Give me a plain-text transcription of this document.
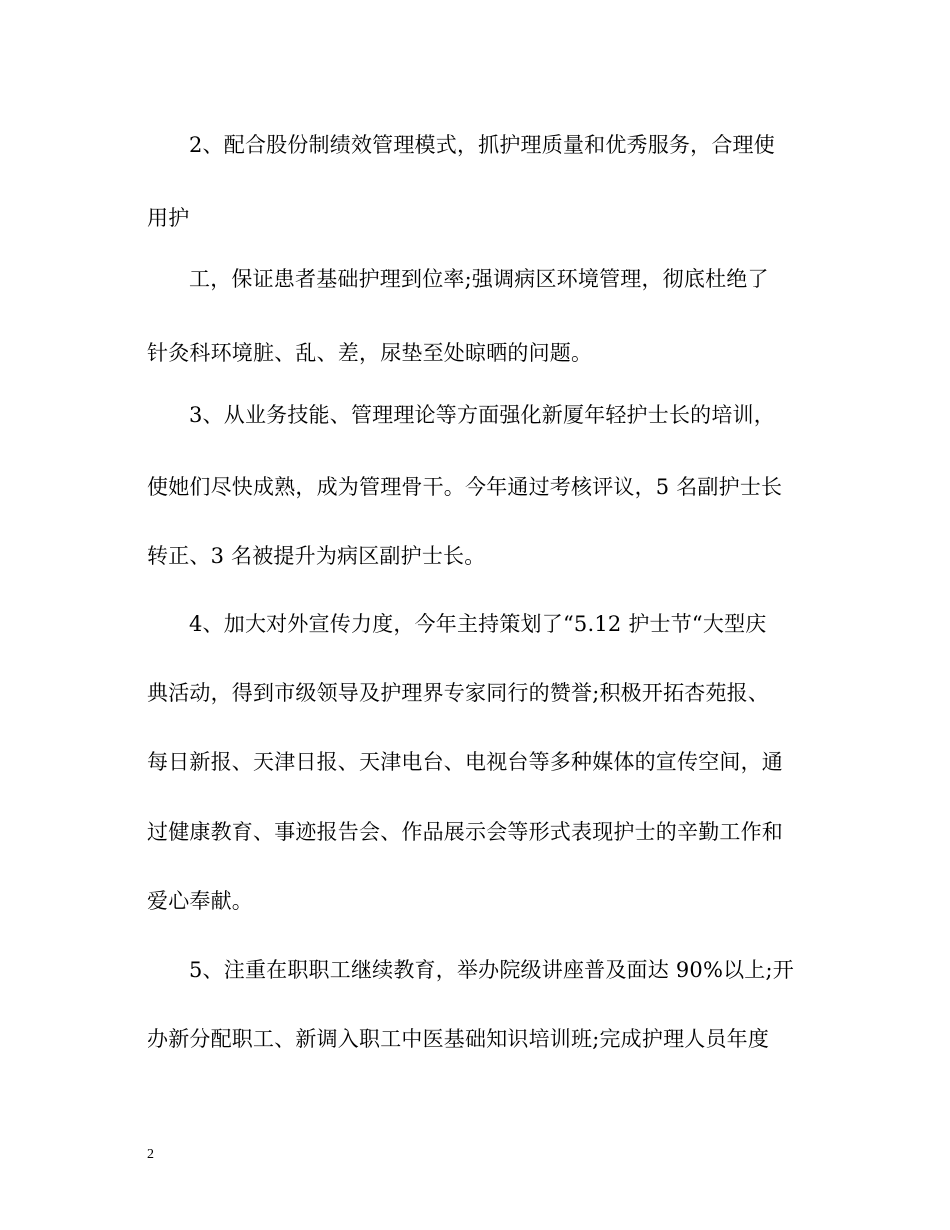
2、配合股份制绩效管理模式，抓护理质量和优秀服务，合理使
用护
工，保证患者基础护理到位率;强调病区环境管理，彻底杜绝了
针灸科环境脏、乱、差，尿垫至处晾晒的问题。
3、从业务技能、管理理论等方面强化新厦年轻护士长的培训，
使她们尽快成熟，成为管理骨干。今年通过考核评议，5 名副护士长
转正、3 名被提升为病区副护士长。
4、加大对外宣传力度，今年主持策划了“5.12 护士节“大型庆
典活动，得到市级领导及护理界专家同行的赞誉;积极开拓杏苑报、
每日新报、天津日报、天津电台、电视台等多种媒体的宣传空间，通
过健康教育、事迹报告会、作品展示会等形式表现护士的辛勤工作和
爱心奉献。
5、注重在职职工继续教育，举办院级讲座普及面达 90%以上;开
办新分配职工、新调入职工中医基础知识培训班;完成护理人员年度
2
